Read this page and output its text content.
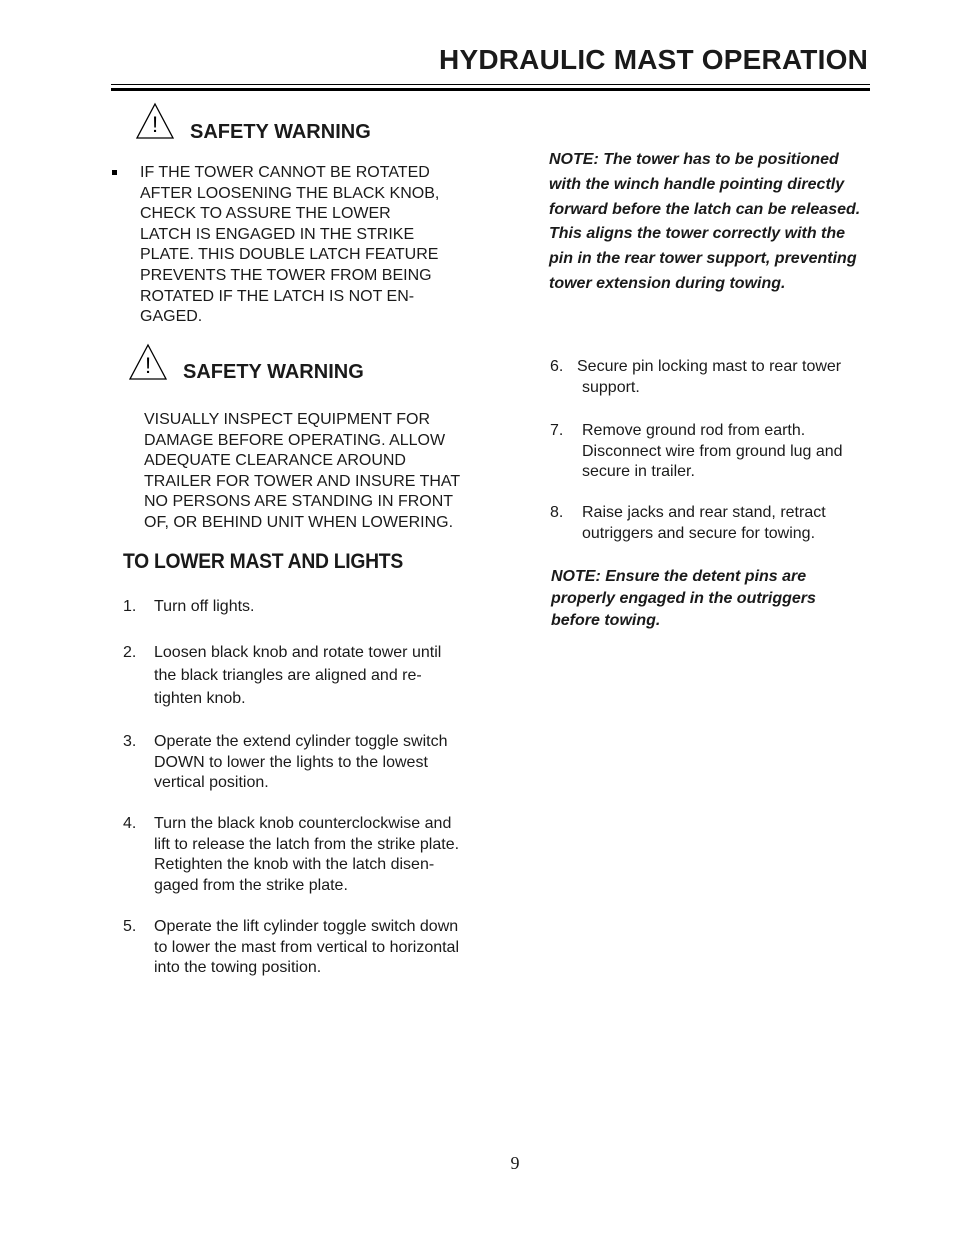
HYDRAULIC MAST OPERATION
! SAFETY WARNING
IF THE TOWER CANNOT BE ROTATED
AFTER LOOSENING THE BLACK KNOB,
CHECK TO ASSURE THE LOWER
LATCH IS ENGAGED IN THE STRIKE
PLATE. THIS DOUBLE LATCH FEATURE
PREVENTS THE TOWER FROM BEING
ROTATED IF THE LATCH IS NOT EN-
GAGED.
! SAFETY WARNING
VISUALLY INSPECT EQUIPMENT FOR
DAMAGE BEFORE OPERATING. ALLOW
ADEQUATE CLEARANCE AROUND
TRAILER FOR TOWER AND INSURE THAT
NO PERSONS ARE STANDING IN FRONT
OF, OR BEHIND UNIT WHEN LOWERING.
TO LOWER MAST AND LIGHTS
1. Turn off lights.
2. Loosen black knob and rotate tower until
the black triangles are aligned and re-
tighten knob.
3. Operate the extend cylinder toggle switch
DOWN to lower the lights to the lowest
vertical position.
4. Turn the black knob counterclockwise and
lift to release the latch from the strike plate.
Retighten the knob with the latch disen-
gaged from the strike plate.
5. Operate the lift cylinder toggle switch down
to lower the mast from vertical to horizontal
into the towing position.
NOTE: The tower has to be positioned
with the winch handle pointing directly
forward before the latch can be released.
This aligns the tower correctly with the
pin in the rear tower support, preventing
tower extension during towing.
6. Secure pin locking mast to rear tower
support.
7. Remove ground rod from earth.
Disconnect wire from ground lug and
secure in trailer.
8. Raise jacks and rear stand, retract
outriggers and secure for towing.
NOTE: Ensure the detent pins are
properly engaged in the outriggers
before towing.
9
